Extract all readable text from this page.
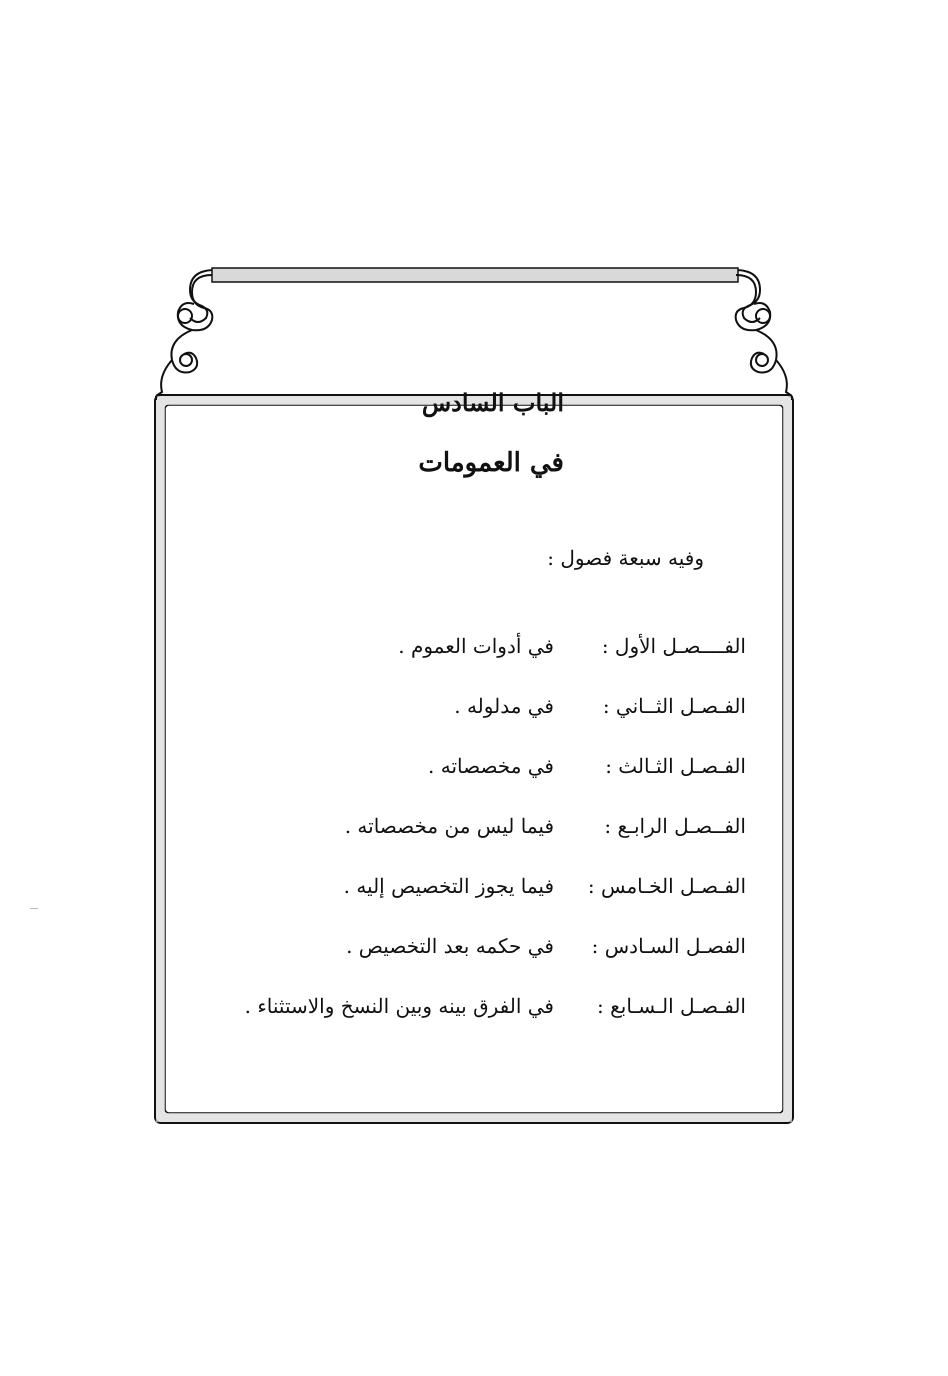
الباب السادس
في العمومات
وفيه سبعة فصول :
الفــــصـل الأول :
في أدوات العموم .
الفـصـل الثــاني :
في مدلوله .
الفـصـل الثـالث :
في مخصصاته .
الفــصـل الرابـع :
فيما ليس من مخصصاته .
الفـصـل الخـامس :
فيما يجوز التخصيص إليه .
الفصـل السـادس :
في حكمه بعد التخصيص .
الفـصـل الـسـابع :
في الفرق بينه وبين النسخ والاستثناء .
